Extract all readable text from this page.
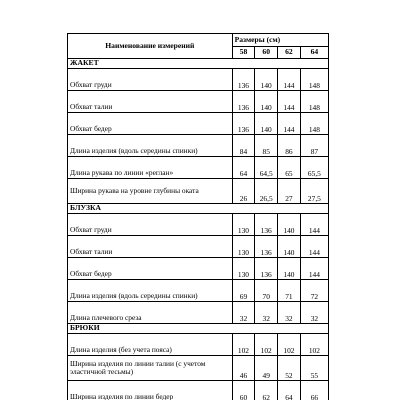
Наименование измерений	Размеры (см)			
	58	60	62	64
ЖАКЕТ				
Обхват груди	136	140	144	148
Обхват талии	136	140	144	148
Обхват бедер	136	140	144	148
Длина изделия (вдоль середины спинки)	84	85	86	87
Длина рукава по линии «реглан»	64	64,5	65	65,5
Ширина рукава на уровне глубины оката	26	26,5	27	27,5
БЛУЗКА				
Обхват груди	130	136	140	144
Обхват талии	130	136	140	144
Обхват бедер	130	136	140	144
Длина изделия (вдоль середины спинки)	69	70	71	72
Длина плечевого среза	32	32	32	32
БРЮКИ				
Длина изделия (без учета пояса)	102	102	102	102
Ширина изделия по линии талии (с учетом эластичной тесьмы)	46	49	52	55
Ширина изделия по линии бедер	60	62	64	66
